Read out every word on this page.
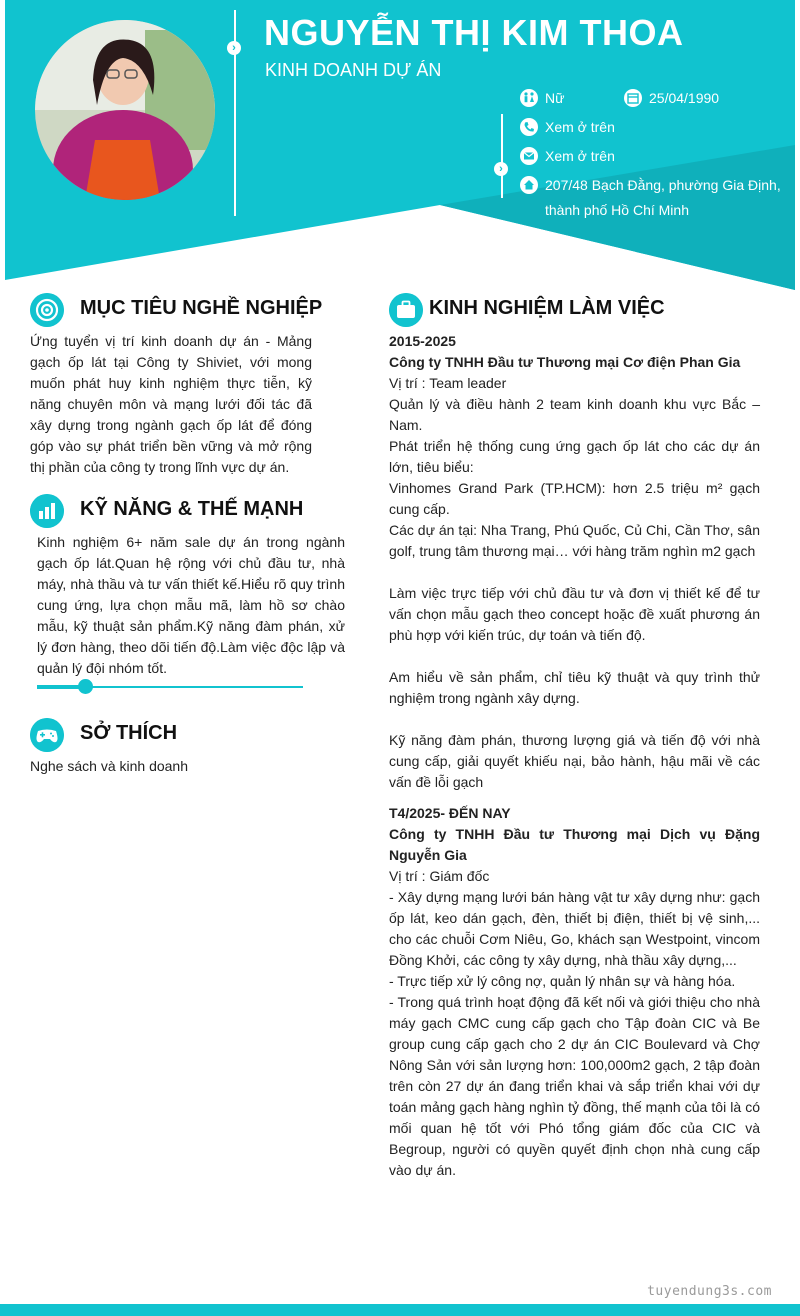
›
›
NGUYỄN THỊ KIM THOA
KINH DOANH DỰ ÁN
Nữ	25/04/1990
Xem ở trên
Xem ở trên
207/48 Bạch Đằng, phường Gia Định,
thành phố Hồ Chí Minh
MỤC TIÊU NGHỀ NGHIỆP
Ứng tuyển vị trí kinh doanh dự án - Mảng gạch ốp lát tại Công ty Shiviet, với mong muốn phát huy kinh nghiệm thực tiễn, kỹ năng chuyên môn và mạng lưới đối tác đã xây dựng trong ngành gạch ốp lát để đóng góp vào sự phát triển bền vững và mở rộng thị phần của công ty trong lĩnh vực dự án.
KỸ NĂNG & THẾ MẠNH
Kinh nghiệm 6+ năm sale dự án trong ngành gạch ốp lát.Quan hệ rộng với chủ đầu tư, nhà máy, nhà thầu và tư vấn thiết kế.Hiểu rõ quy trình cung ứng, lựa chọn mẫu mã, làm hồ sơ chào mẫu, kỹ thuật sản phẩm.Kỹ năng đàm phán, xử lý đơn hàng, theo dõi tiến độ.Làm việc độc lập và quản lý đội nhóm tốt.
SỞ THÍCH
Nghe sách và kinh doanh
KINH NGHIỆM LÀM VIỆC

2015-2025

Công ty TNHH Đầu tư Thương mại Cơ điện Phan Gia

Vị trí : Team leader

Quản lý và điều hành 2 team kinh doanh khu vực Bắc – Nam.

Phát triển hệ thống cung ứng gạch ốp lát cho các dự án lớn, tiêu biểu:

Vinhomes Grand Park (TP.HCM): hơn 2.5 triệu m² gạch cung cấp.

Các dự án tại: Nha Trang, Phú Quốc, Củ Chi, Cần Thơ, sân golf, trung tâm thương mại… với hàng trăm nghìn m2 gạch

Làm việc trực tiếp với chủ đầu tư và đơn vị thiết kế để tư vấn chọn mẫu gạch theo concept hoặc đề xuất phương án phù hợp với kiến trúc, dự toán và tiến độ.

Am hiểu về sản phẩm, chỉ tiêu kỹ thuật và quy trình thử nghiệm trong ngành xây dựng.

Kỹ năng đàm phán, thương lượng giá và tiến độ với nhà cung cấp, giải quyết khiếu nại, bảo hành, hậu mãi về các vấn đề lỗi gạch

T4/2025- ĐẾN NAY

Công ty TNHH Đầu tư Thương mại Dịch vụ Đặng Nguyễn Gia

Vị trí : Giám đốc

- Xây dựng mạng lưới bán hàng vật tư xây dựng như: gạch ốp lát, keo dán gạch, đèn, thiết bị điện, thiết bị vệ sinh,... cho các chuỗi Cơm Niêu, Go, khách sạn Westpoint, vincom Đồng Khởi, các công ty xây dựng, nhà thầu xây dựng,...

- Trực tiếp xử lý công nợ, quản lý nhân sự và hàng hóa.

- Trong quá trình hoạt động đã kết nối và giới thiệu cho nhà máy gạch CMC cung cấp gạch cho Tập đoàn CIC và Be group cung cấp gạch cho 2 dự án CIC Boulevard và Chợ Nông Sản với sản lượng hơn: 100,000m2 gạch, 2 tập đoàn trên còn 27 dự án đang triển khai và sắp triển khai với dự toán mảng gạch hàng nghìn tỷ đồng, thế mạnh của tôi là có mối quan hệ tốt với Phó tổng giám đốc của CIC và Begroup, người có quyền quyết định chọn nhà cung cấp vào dự án.

tuyendung3s.com
